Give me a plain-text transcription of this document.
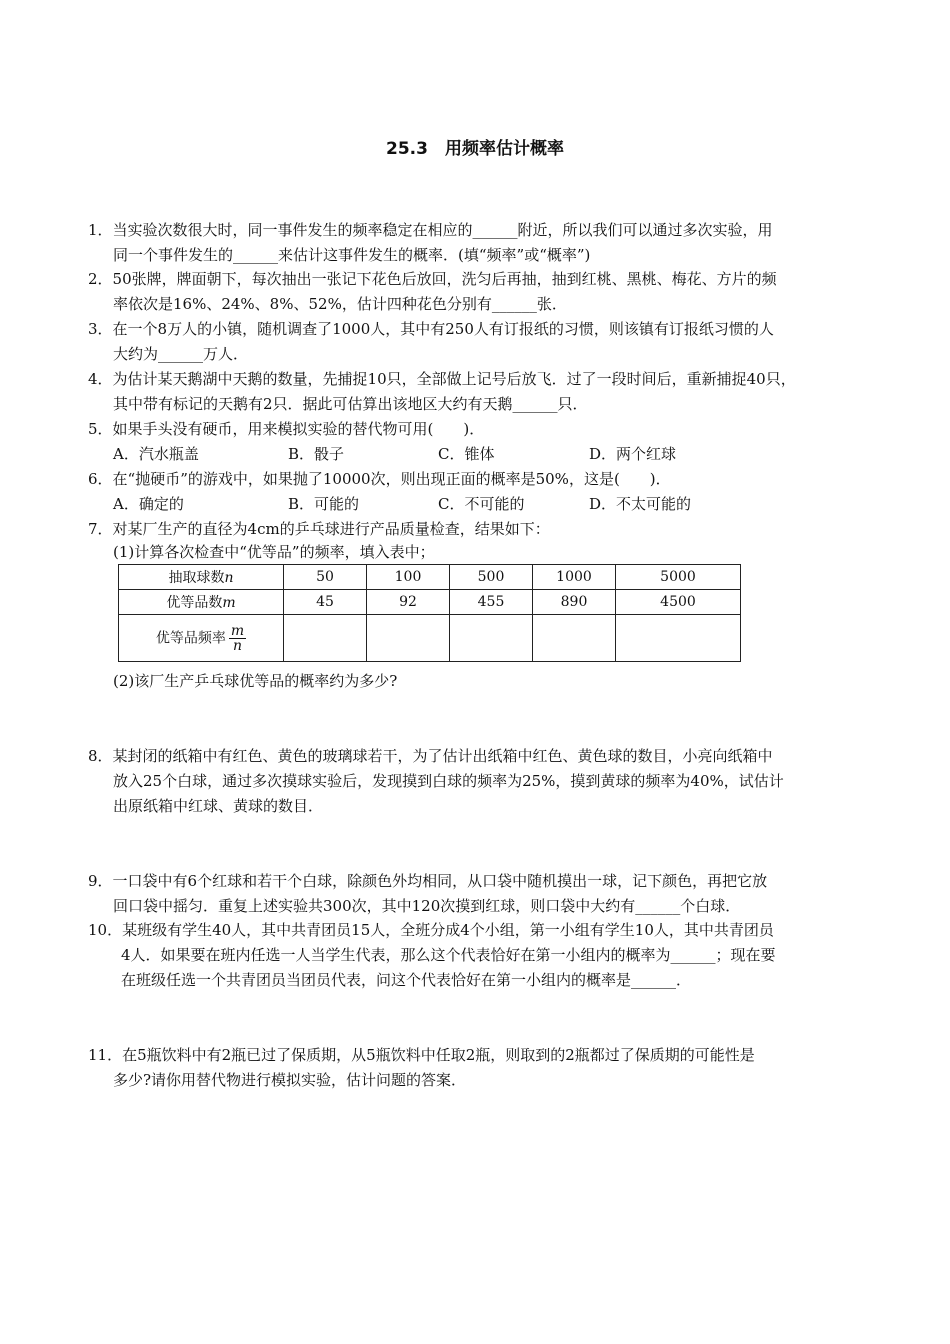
25.3　用频率估计概率
1．当实验次数很大时，同一事件发生的频率稳定在相应的______附近，所以我们可以通过多次实验，用
同一个事件发生的______来估计这事件发生的概率．(填“频率”或“概率”)
2．50张牌，牌面朝下，每次抽出一张记下花色后放回，洗匀后再抽，抽到红桃、黑桃、梅花、方片的频
率依次是16%、24%、8%、52%，估计四种花色分别有______张．
3．在一个8万人的小镇，随机调查了1000人，其中有250人有订报纸的习惯，则该镇有订报纸习惯的人
大约为______万人．
4．为估计某天鹅湖中天鹅的数量，先捕捉10只，全部做上记号后放飞．过了一段时间后，重新捕捉40只，
其中带有标记的天鹅有2只．据此可估算出该地区大约有天鹅______只．
5．如果手头没有硬币，用来模拟实验的替代物可用(　　)．
A．汽水瓶盖	B．骰子	C．锥体	D．两个红球
6．在“抛硬币”的游戏中，如果抛了10000次，则出现正面的概率是50%，这是(　　)．
A．确定的	B．可能的	C．不可能的	D．不太可能的
7．对某厂生产的直径为4cm的乒乓球进行产品质量检查，结果如下：
(1)计算各次检查中“优等品”的频率，填入表中；
抽取球数n	50	100	500	1000	5000
优等品数m	45	92	455	890	4500
优等品频率 $\frac{m}{n}$

(2)该厂生产乒乓球优等品的概率约为多少?
8．某封闭的纸箱中有红色、黄色的玻璃球若干，为了估计出纸箱中红色、黄色球的数目，小亮向纸箱中
放入25个白球，通过多次摸球实验后，发现摸到白球的频率为25%，摸到黄球的频率为40%，试估计
出原纸箱中红球、黄球的数目．
9．一口袋中有6个红球和若干个白球，除颜色外均相同，从口袋中随机摸出一球，记下颜色，再把它放
回口袋中摇匀．重复上述实验共300次，其中120次摸到红球，则口袋中大约有______个白球．
10．某班级有学生40人，其中共青团员15人，全班分成4个小组，第一小组有学生10人，其中共青团员
4人．如果要在班内任选一人当学生代表，那么这个代表恰好在第一小组内的概率为______；现在要
在班级任选一个共青团员当团员代表，问这个代表恰好在第一小组内的概率是______．
11．在5瓶饮料中有2瓶已过了保质期，从5瓶饮料中任取2瓶，则取到的2瓶都过了保质期的可能性是
多少?请你用替代物进行模拟实验，估计问题的答案．
